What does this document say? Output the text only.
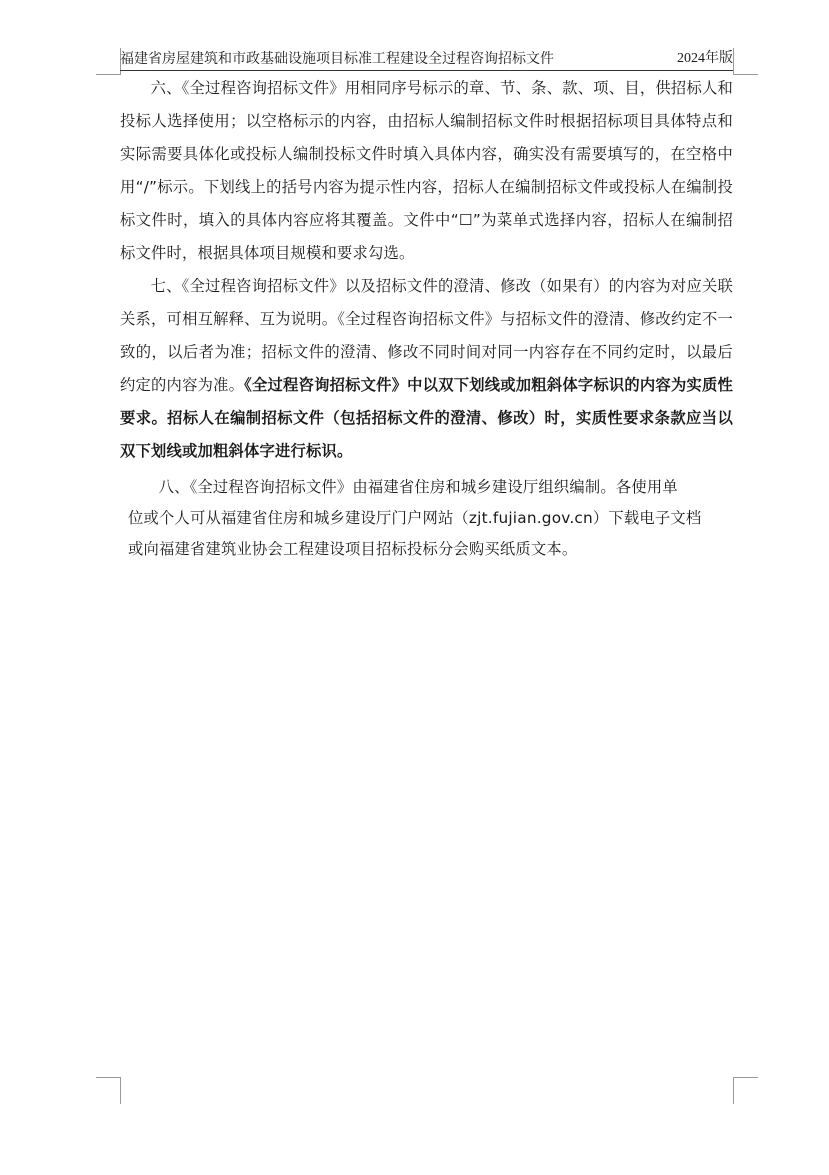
福建省房屋建筑和市政基础设施项目标准工程建设全过程咨询招标文件	2024年版

六、《全过程咨询招标文件》用相同序号标示的章、节、条、款、项、目，供招标人和投标人选择使用；以空格标示的内容，由招标人编制招标文件时根据招标项目具体特点和实际需要具体化或投标人编制投标文件时填入具体内容，确实没有需要填写的，在空格中用“/”标示。下划线上的括号内容为提示性内容，招标人在编制招标文件或投标人在编制投标文件时，填入的具体内容应将其覆盖。文件中“☐”为菜单式选择内容，招标人在编制招标文件时，根据具体项目规模和要求勾选。

七、《全过程咨询招标文件》以及招标文件的澄清、修改（如果有）的内容为对应关联关系，可相互解释、互为说明。《全过程咨询招标文件》与招标文件的澄清、修改约定不一致的，以后者为准；招标文件的澄清、修改不同时间对同一内容存在不同约定时，以最后约定的内容为准。《全过程咨询招标文件》中以双下划线或加粗斜体字标识的内容为实质性要求。招标人在编制招标文件（包括招标文件的澄清、修改）时，实质性要求条款应当以双下划线或加粗斜体字进行标识。

八、《全过程咨询招标文件》由福建省住房和城乡建设厅组织编制。各使用单
位或个人可从福建省住房和城乡建设厅门户网站（zjt.fujian.gov.cn）下载电子文档
或向福建省建筑业协会工程建设项目招标投标分会购买纸质文本。
